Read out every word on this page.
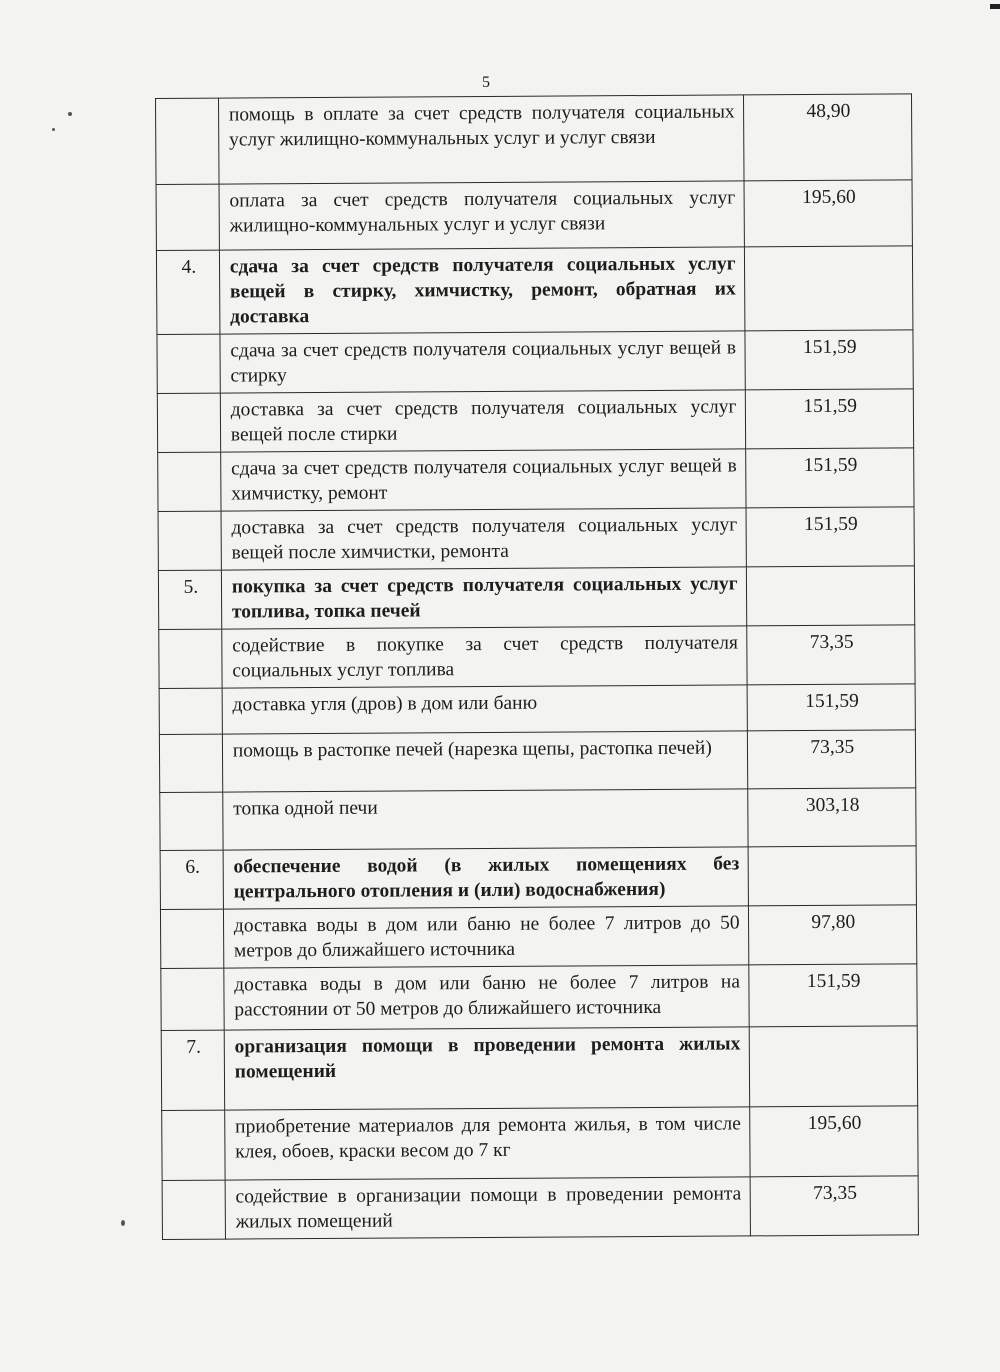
5
	помощь в оплате за счет средств получателя социальных услуг жилищно-коммунальных услуг и услуг связи	48,90
	оплата за счет средств получателя социальных услуг жилищно-коммунальных услуг и услуг связи	195,60
4.	сдача за счет средств получателя социальных услуг вещей в стирку, химчистку, ремонт, обратная их доставка	
	сдача за счет средств получателя социальных услуг вещей в стирку	151,59
	доставка за счет средств получателя социальных услуг вещей после стирки	151,59
	сдача за счет средств получателя социальных услуг вещей в химчистку, ремонт	151,59
	доставка за счет средств получателя социальных услуг вещей после химчистки, ремонта	151,59
5.	покупка за счет средств получателя социальных услуг топлива, топка печей	
	содействие в покупке за счет средств получателя социальных услуг топлива	73,35
	доставка угля (дров) в дом или баню	151,59
	помощь в растопке печей (нарезка щепы, растопка печей)	73,35
	топка одной печи	303,18
6.	обеспечение водой (в жилых помещениях без центрального отопления и (или) водоснабжения)	
	доставка воды в дом или баню не более 7 литров до 50 метров до ближайшего источника	97,80
	доставка воды в дом или баню не более 7 литров на расстоянии от 50 метров до ближайшего источника	151,59
7.	организация помощи в проведении ремонта жилых помещений	
	приобретение материалов для ремонта жилья, в том числе клея, обоев, краски весом до 7 кг	195,60
	содействие в организации помощи в проведении ремонта жилых помещений	73,35
